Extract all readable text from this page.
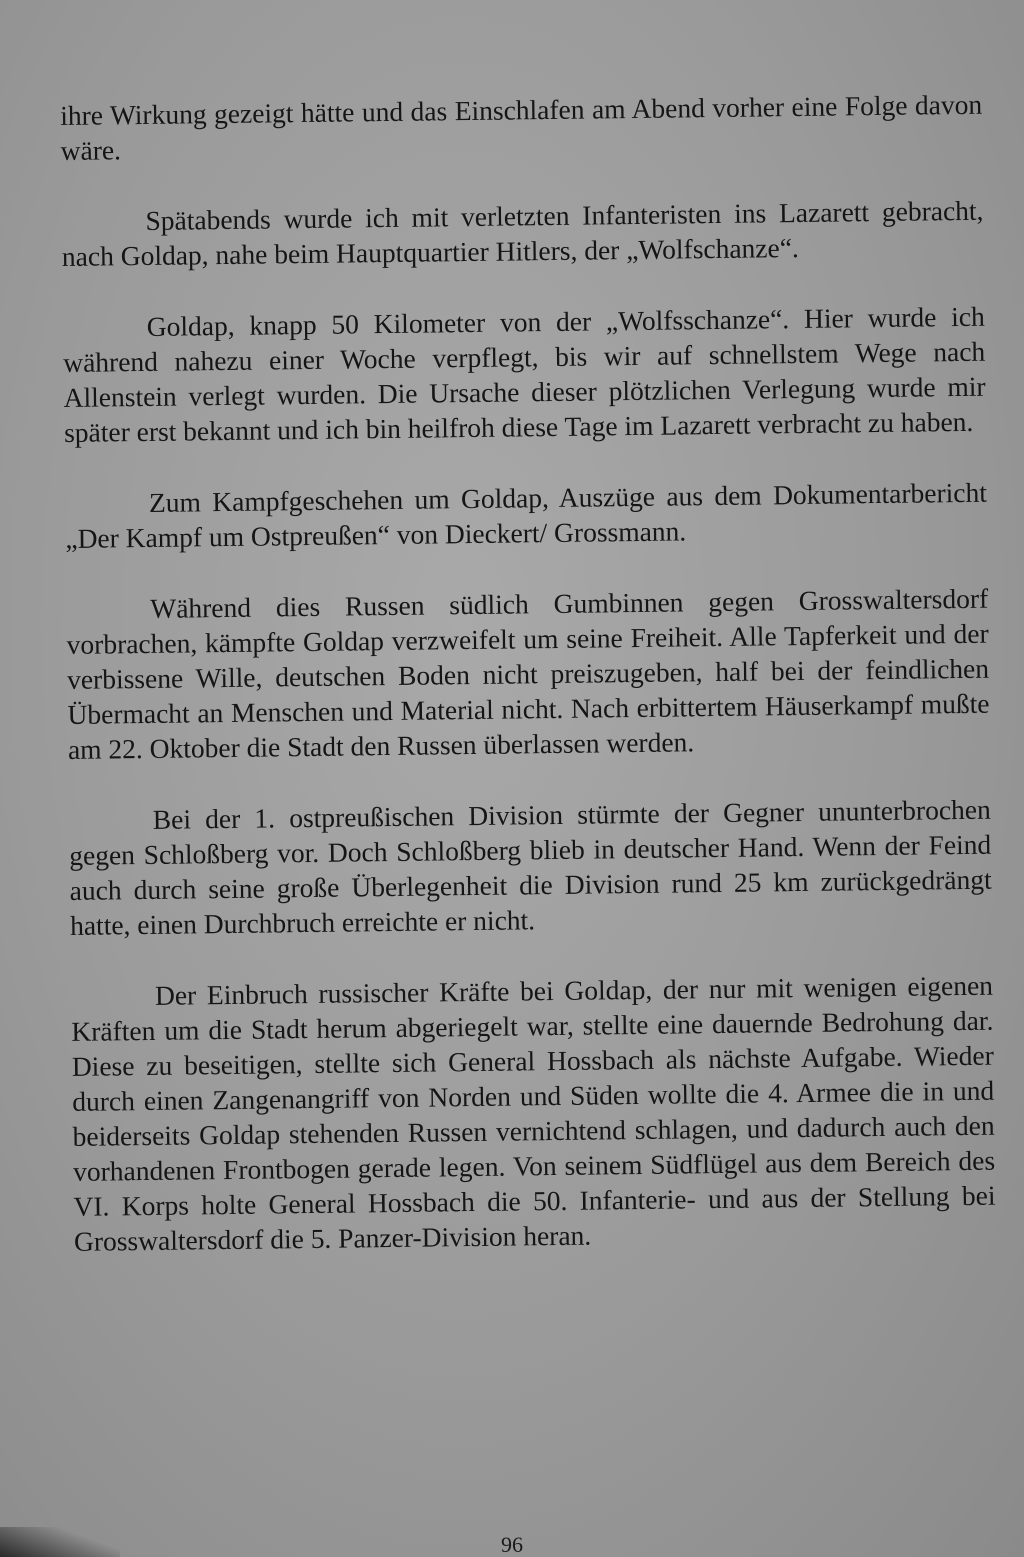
ihre Wirkung gezeigt hätte und das Einschlafen am Abend vorher eine Folge davon wäre.

Spätabends wurde ich mit verletzten Infanteristen ins Lazarett gebracht, nach Goldap, nahe beim Hauptquartier Hitlers, der „Wolfschanze“.

Goldap, knapp 50 Kilometer von der „Wolfsschanze“. Hier wurde ich während nahezu einer Woche verpflegt, bis wir auf schnellstem Wege nach Allenstein verlegt wurden. Die Ursache dieser plötzlichen Verlegung wurde mir später erst bekannt und ich bin heilfroh diese Tage im Lazarett verbracht zu haben.

Zum Kampfgeschehen um Goldap, Auszüge aus dem Dokumentarbericht „Der Kampf um Ostpreußen“ von Dieckert/ Grossmann.

Während dies Russen südlich Gumbinnen gegen Grosswaltersdorf vorbrachen, kämpfte Goldap verzweifelt um seine Freiheit. Alle Tapferkeit und der verbissene Wille, deutschen Boden nicht preiszugeben, half bei der feindlichen Übermacht an Menschen und Material nicht. Nach erbittertem Häuserkampf mußte am 22. Oktober die Stadt den Russen überlassen werden.

Bei der 1. ostpreußischen Division stürmte der Gegner ununterbrochen gegen Schloßberg vor. Doch Schloßberg blieb in deutscher Hand. Wenn der Feind auch durch seine große Überlegenheit die Division rund 25 km zurückgedrängt hatte, einen Durchbruch erreichte er nicht.

Der Einbruch russischer Kräfte bei Goldap, der nur mit wenigen eigenen Kräften um die Stadt herum abgeriegelt war, stellte eine dauernde Bedrohung dar. Diese zu beseitigen, stellte sich General Hossbach als nächste Aufgabe. Wieder durch einen Zangenangriff von Norden und Süden wollte die 4. Armee die in und beiderseits Goldap stehenden Russen vernichtend schlagen, und dadurch auch den vorhandenen Frontbogen gerade legen. Von seinem Südflügel aus dem Bereich des VI. Korps holte General Hossbach die 50. Infanterie- und aus der Stellung bei Grosswaltersdorf die 5. Panzer-Division heran.

96
